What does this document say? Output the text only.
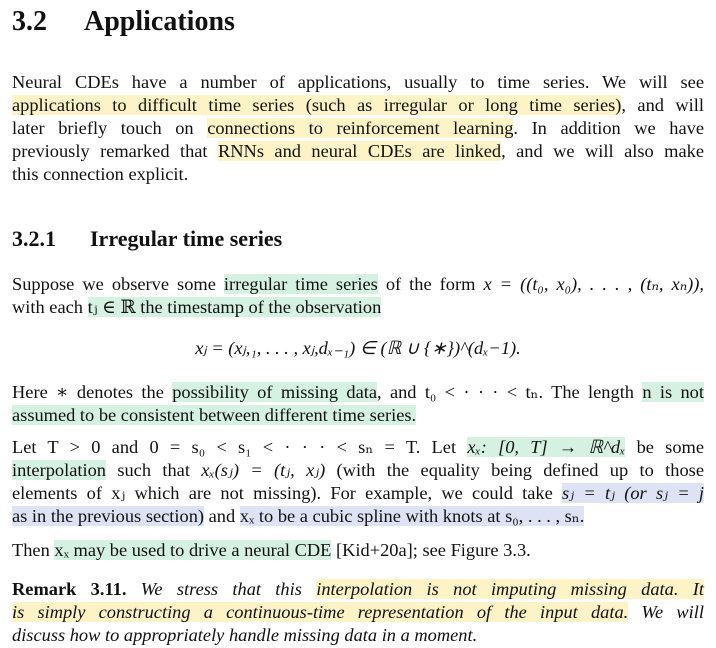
3.2 Applications
Neural CDEs have a number of applications, usually to time series. We will see
applications to difficult time series (such as irregular or long time series), and will
later briefly touch on connections to reinforcement learning. In addition we have
previously remarked that RNNs and neural CDEs are linked, and we will also make
this connection explicit.
3.2.1 Irregular time series
Suppose we observe some irregular time series of the form x = ((t₀, x₀), . . . , (tₙ, xₙ)),
with each tⱼ ∈ ℝ the timestamp of the observation
xⱼ = (xⱼ,₁, . . . , xⱼ,dₓ₋₁) ∈ (ℝ ∪ {∗})^(dₓ−1).
Here ∗ denotes the possibility of missing data, and t₀ < · · · < tₙ. The length n is not
assumed to be consistent between different time series.
Let T > 0 and 0 = s₀ < s₁ < · · · < sₙ = T. Let xₓ: [0, T] → ℝ^dₓ be some
interpolation such that xₓ(sⱼ) = (tⱼ, xⱼ) (with the equality being defined up to those
elements of xⱼ which are not missing). For example, we could take sⱼ = tⱼ (or sⱼ = j
as in the previous section) and xₓ to be a cubic spline with knots at s₀, . . . , sₙ.
Then xₓ may be used to drive a neural CDE [Kid+20a]; see Figure 3.3.
Remark 3.11. We stress that this interpolation is not imputing missing data. It
is simply constructing a continuous-time representation of the input data. We will
discuss how to appropriately handle missing data in a moment.
